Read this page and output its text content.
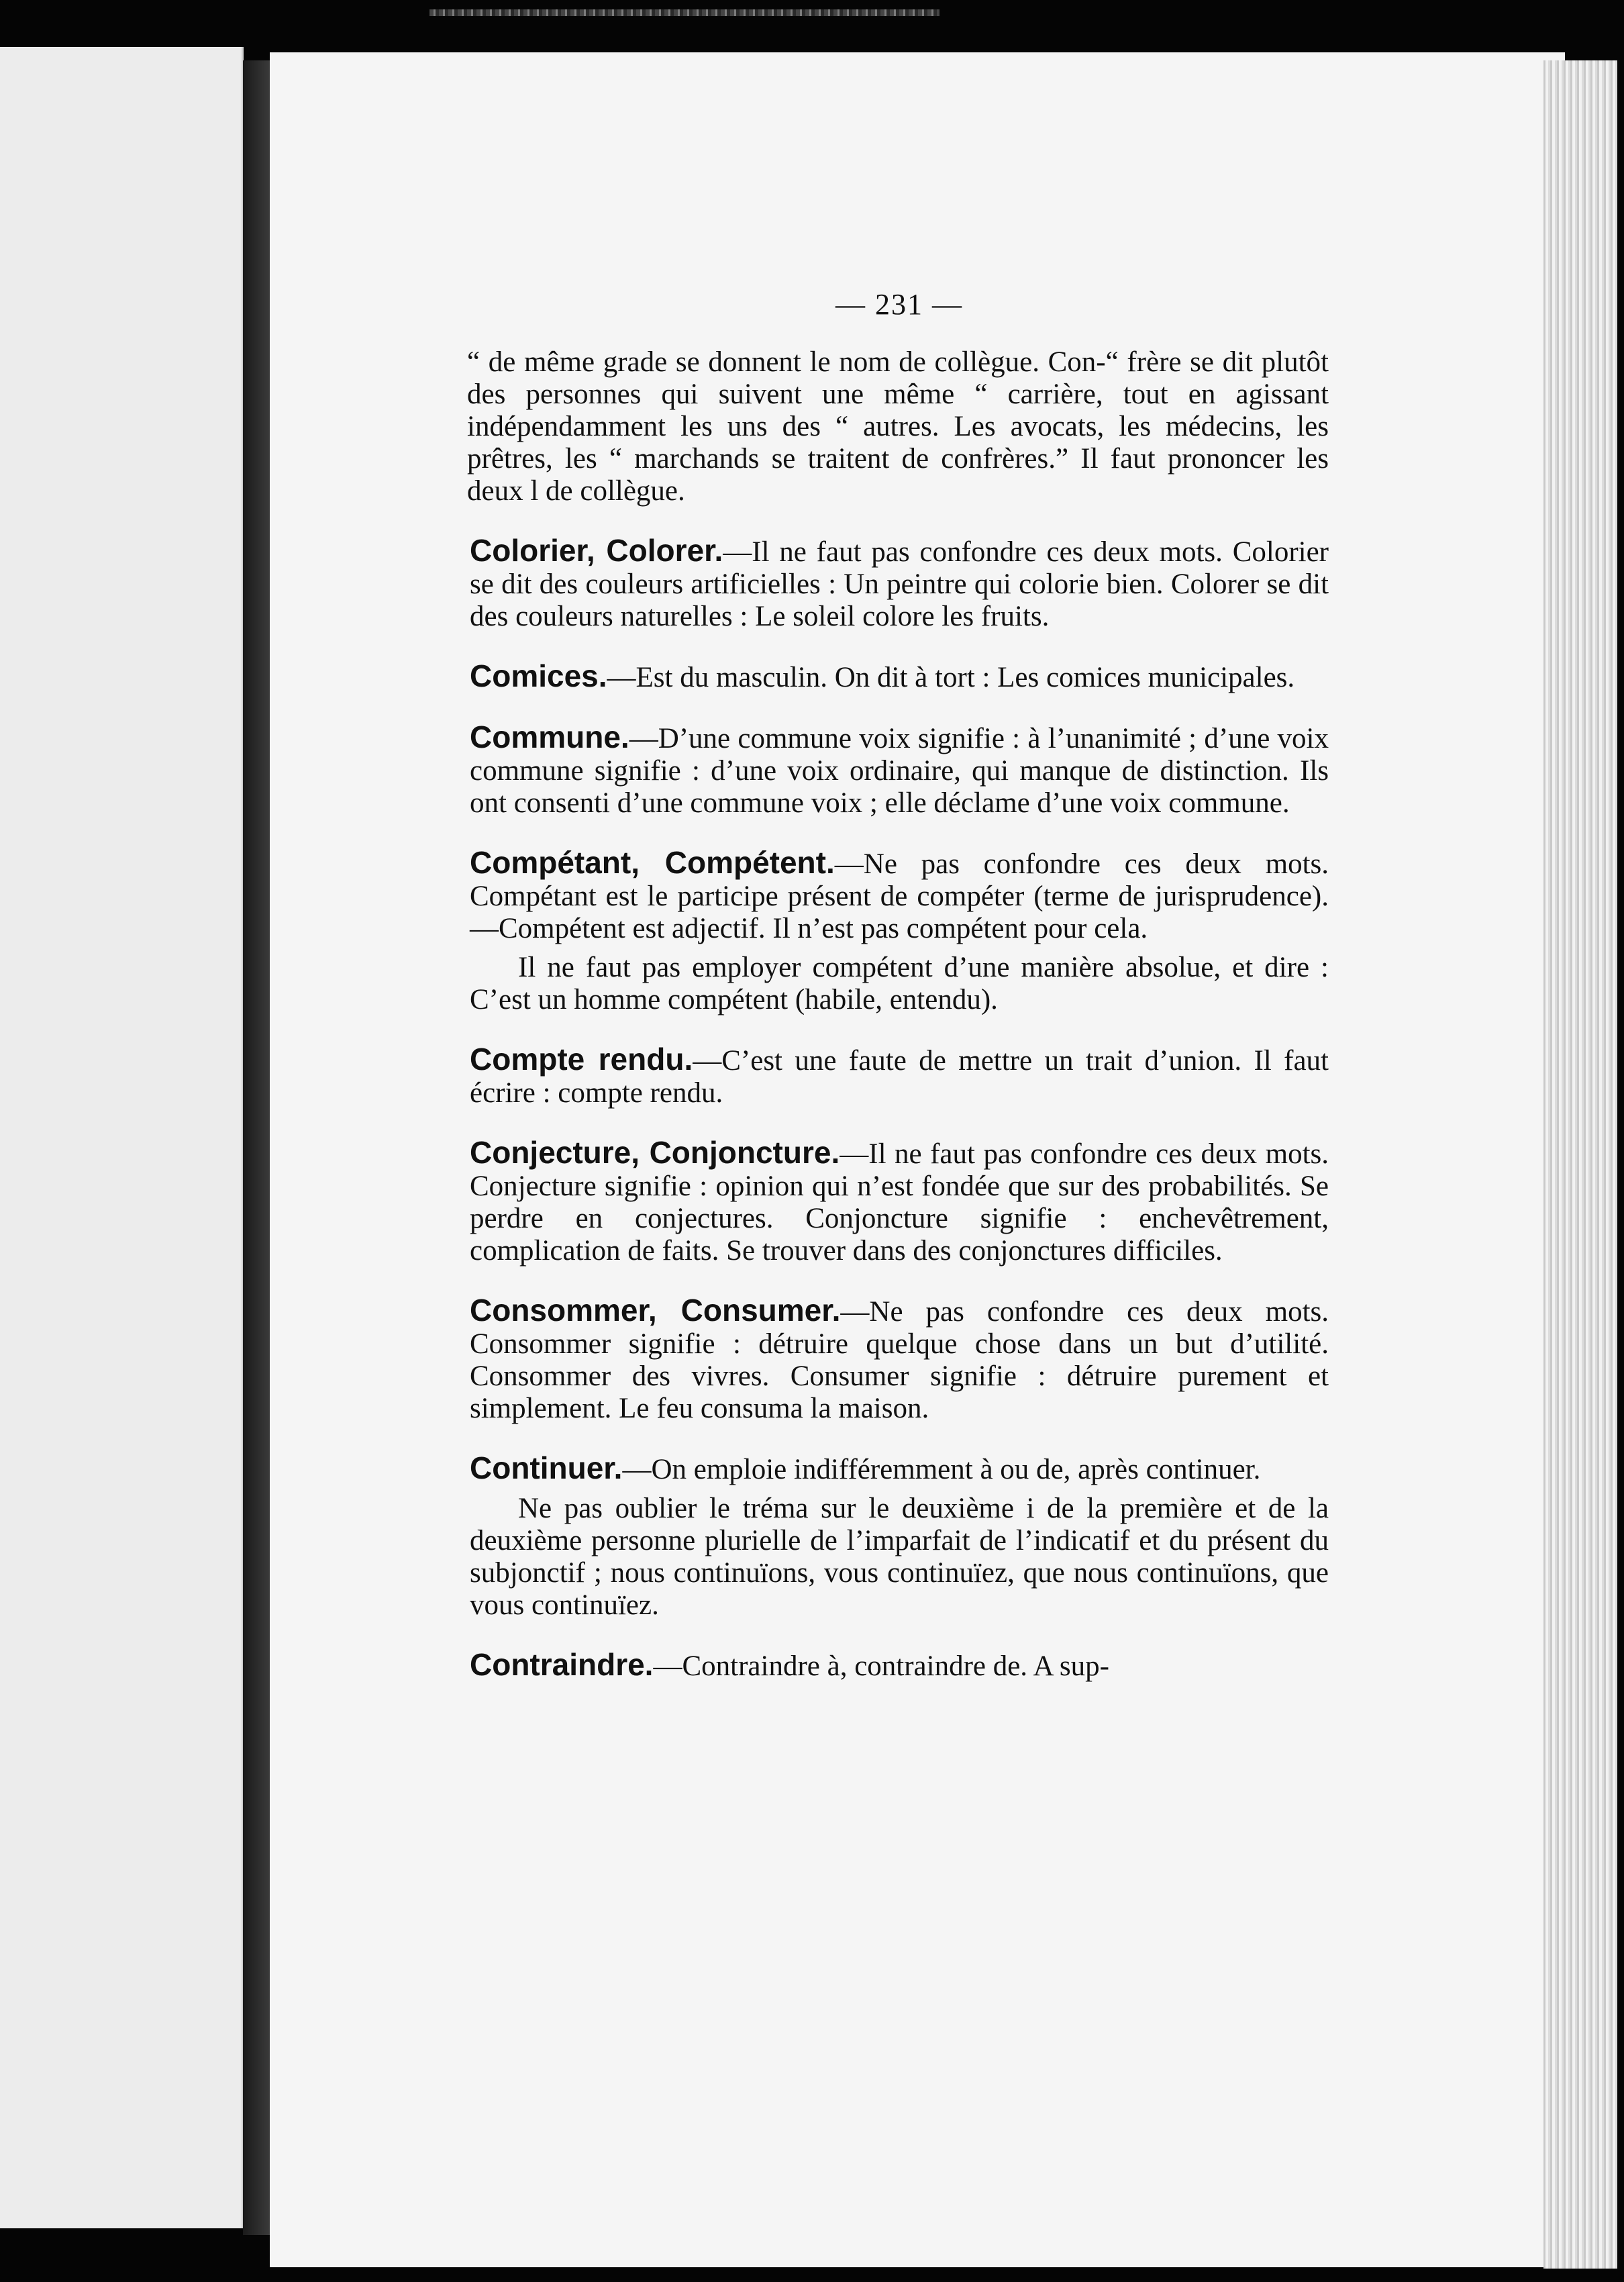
— 231 —

“ de même grade se donnent le nom de collègue. Con-“ frère se dit plutôt des personnes qui suivent une même “ carrière, tout en agissant indépendamment les uns des “ autres. Les avocats, les médecins, les prêtres, les “ marchands se traitent de confrères.” Il faut prononcer les deux l de collègue.

Colorier, Colorer.—Il ne faut pas confondre ces deux mots. Colorier se dit des couleurs artificielles : Un peintre qui colorie bien. Colorer se dit des couleurs naturelles : Le soleil colore les fruits.

Comices.—Est du masculin. On dit à tort : Les comices municipales.

Commune.—D’une commune voix signifie : à l’unanimité ; d’une voix commune signifie : d’une voix ordinaire, qui manque de distinction. Ils ont consenti d’une commune voix ; elle déclame d’une voix commune.

Compétant, Compétent.—Ne pas confondre ces deux mots. Compétant est le participe présent de compéter (terme de jurisprudence).—Compétent est adjectif. Il n’est pas compétent pour cela.

Il ne faut pas employer compétent d’une manière absolue, et dire : C’est un homme compétent (habile, entendu).

Compte rendu.—C’est une faute de mettre un trait d’union. Il faut écrire : compte rendu.

Conjecture, Conjoncture.—Il ne faut pas confondre ces deux mots. Conjecture signifie : opinion qui n’est fondée que sur des probabilités. Se perdre en conjectures. Conjoncture signifie : enchevêtrement, complication de faits. Se trouver dans des conjonctures difficiles.

Consommer, Consumer.—Ne pas confondre ces deux mots. Consommer signifie : détruire quelque chose dans un but d’utilité. Consommer des vivres. Consumer signifie : détruire purement et simplement. Le feu consuma la maison.

Continuer.—On emploie indifféremment à ou de, après continuer.

Ne pas oublier le tréma sur le deuxième i de la première et de la deuxième personne plurielle de l’imparfait de l’indicatif et du présent du subjonctif ; nous continuïons, vous continuïez, que nous continuïons, que vous continuïez.

Contraindre.—Contraindre à, contraindre de. A sup-
